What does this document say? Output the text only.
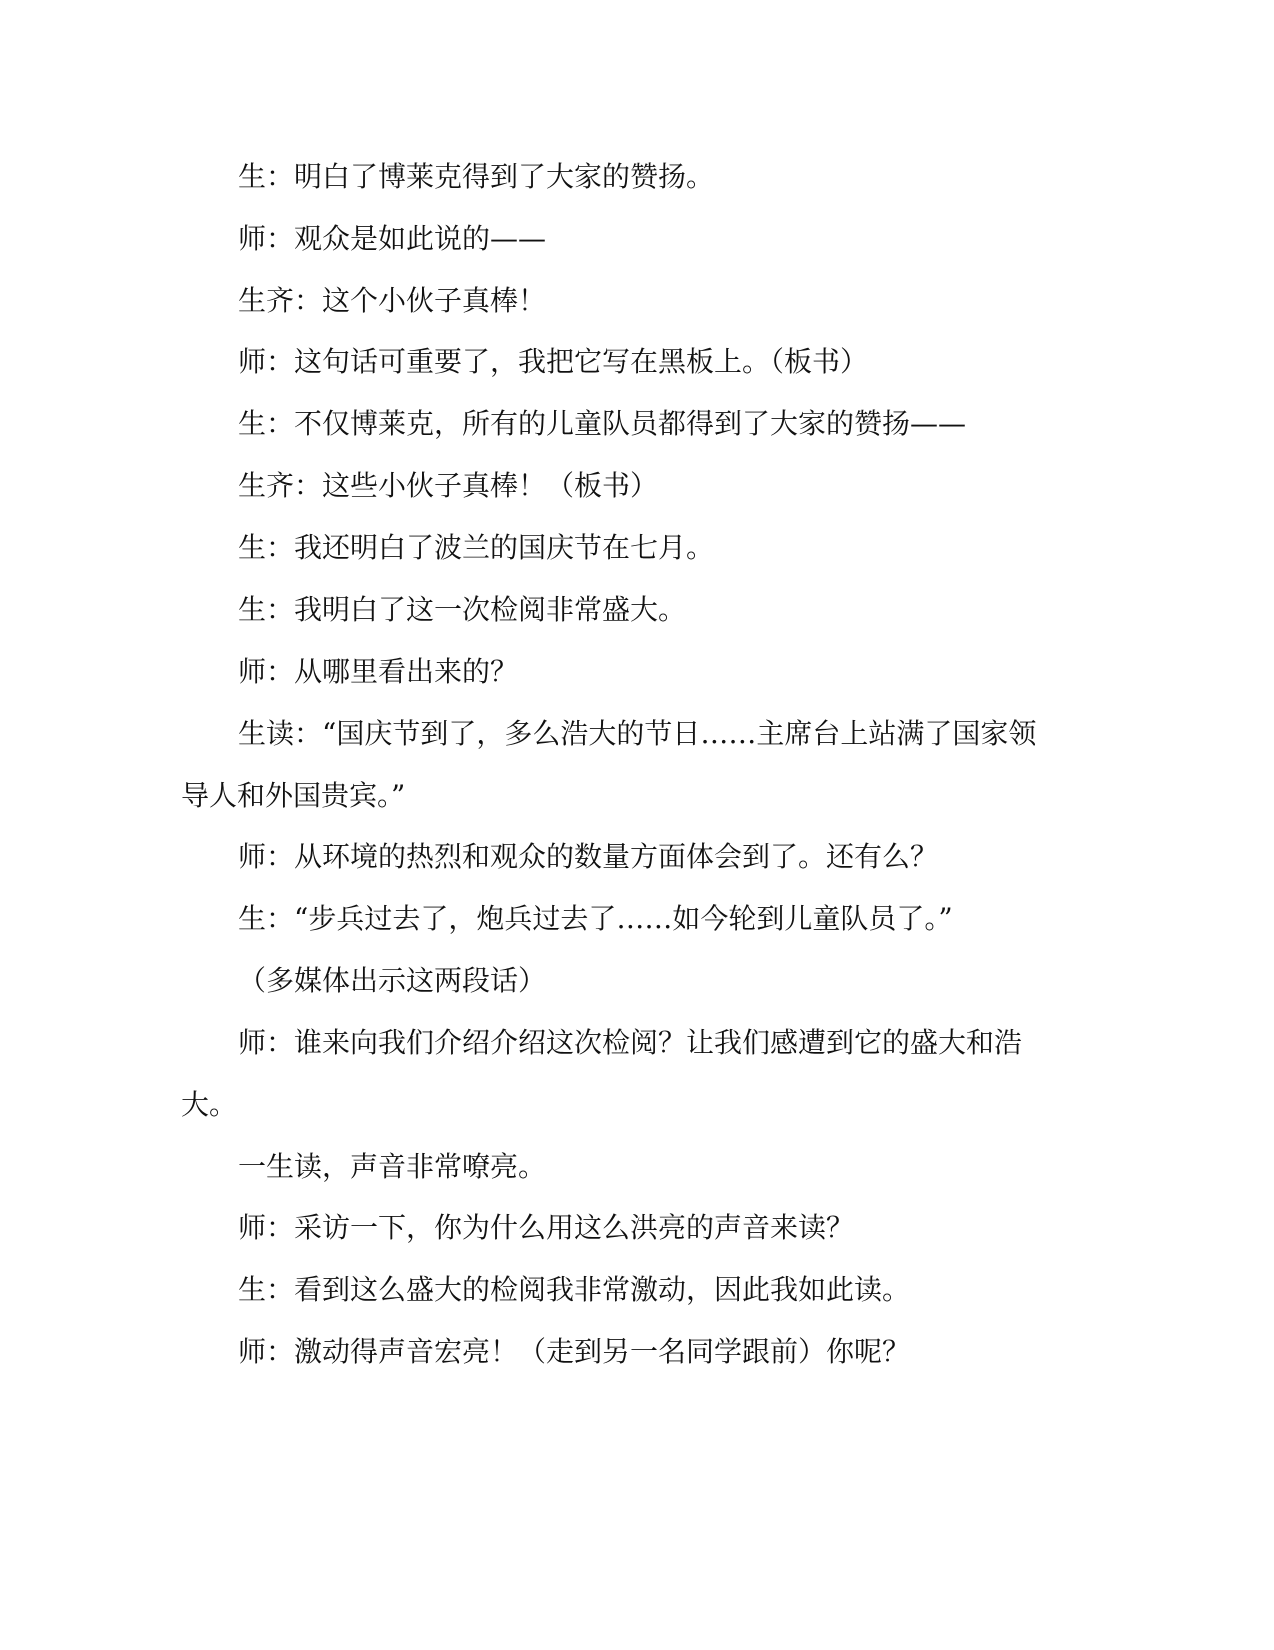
生：明白了博莱克得到了大家的赞扬。
师：观众是如此说的——
生齐：这个小伙子真棒！
师：这句话可重要了，我把它写在黑板上。（板书）
生：不仅博莱克，所有的儿童队员都得到了大家的赞扬——
生齐：这些小伙子真棒！（板书）
生：我还明白了波兰的国庆节在七月。
生：我明白了这一次检阅非常盛大。
师：从哪里看出来的？
生读：“国庆节到了，多么浩大的节日……主席台上站满了国家领
导人和外国贵宾。”
师：从环境的热烈和观众的数量方面体会到了。还有么？
生：“步兵过去了，炮兵过去了……如今轮到儿童队员了。”
（多媒体出示这两段话）
师：谁来向我们介绍介绍这次检阅？让我们感遭到它的盛大和浩
大。
一生读，声音非常嘹亮。
师：采访一下，你为什么用这么洪亮的声音来读？
生：看到这么盛大的检阅我非常激动，因此我如此读。
师：激动得声音宏亮！（走到另一名同学跟前）你呢？
